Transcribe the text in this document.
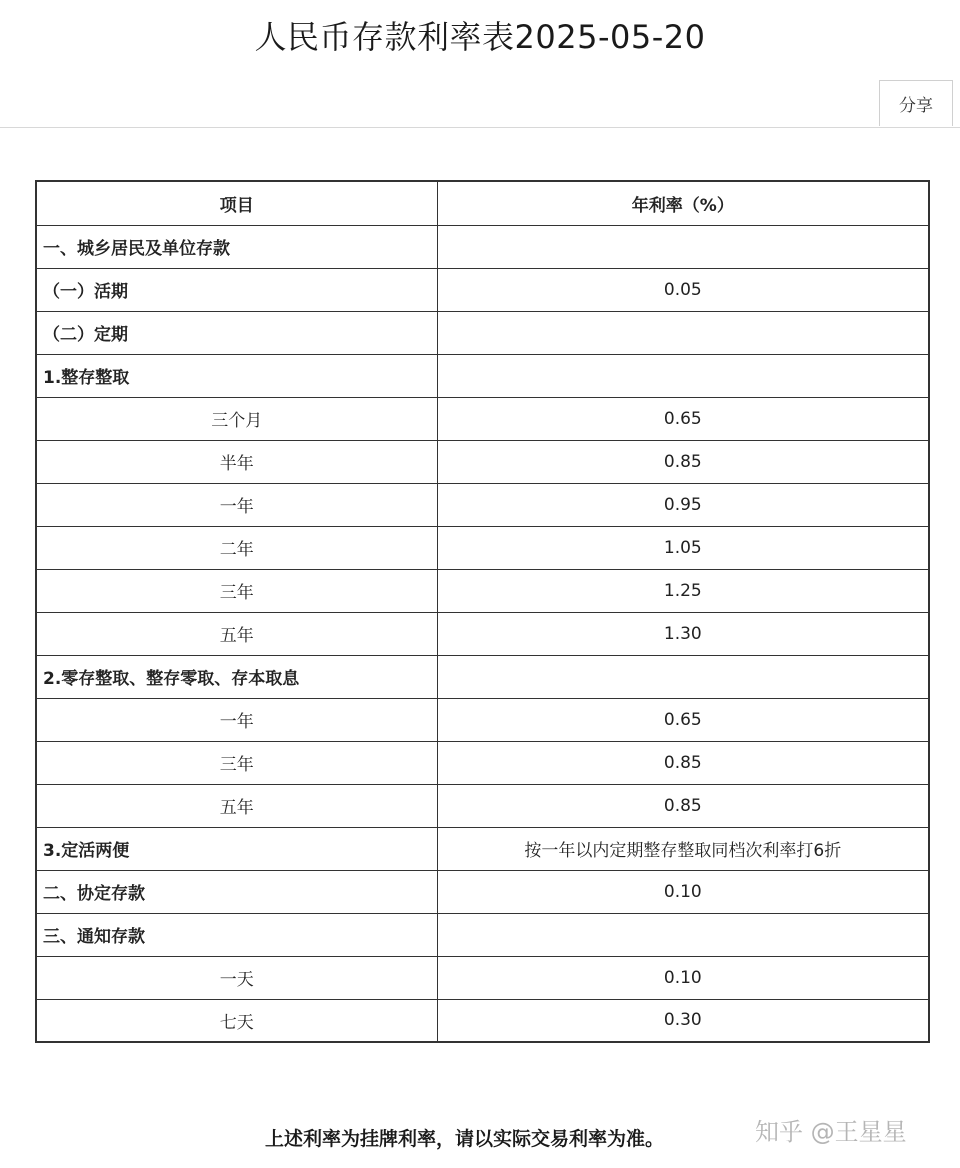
人民币存款利率表2025-05-20
分享
项目	年利率（%）
一、城乡居民及单位存款	
（一）活期	0.05
（二）定期	
1.整存整取	
三个月	0.65
半年	0.85
一年	0.95
二年	1.05
三年	1.25
五年	1.30
2.零存整取、整存零取、存本取息	
一年	0.65
三年	0.85
五年	0.85
3.定活两便	按一年以内定期整存整取同档次利率打6折
二、协定存款	0.10
三、通知存款	
一天	0.10
七天	0.30
上述利率为挂牌利率，请以实际交易利率为准。	知乎 @王星星
